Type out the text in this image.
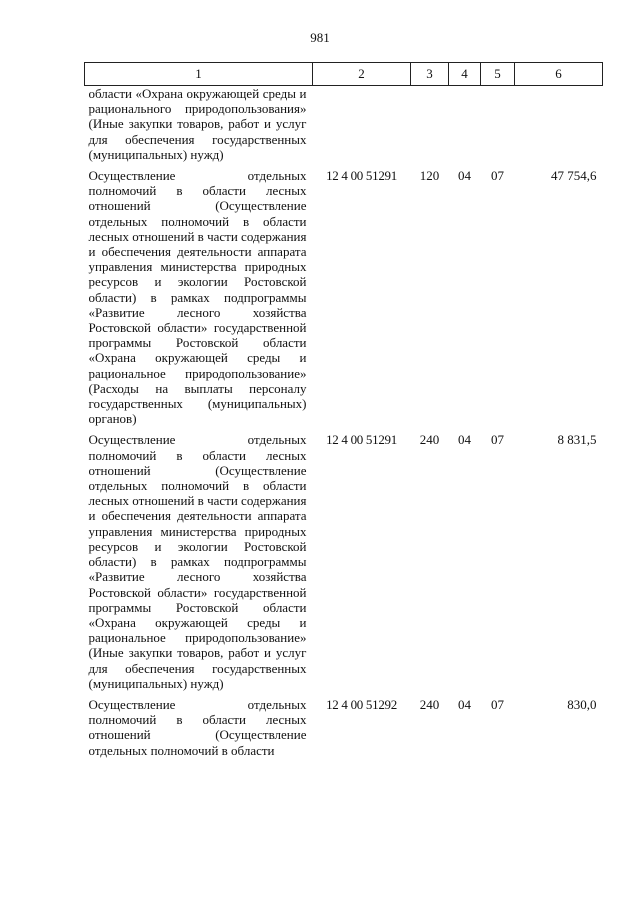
981
1	2	3	4	5	6
области «Охрана окружающей среды и рационального природопользования» (Иные закупки товаров, работ и услуг для обеспечения государственных (муниципальных) нужд)					
Осуществление отдельных полномочий в области лесных отношений (Осуществление отдельных полномочий в области лесных отношений в части содержания и обеспечения деятельности аппарата управления министерства природных ресурсов и экологии Ростовской области) в рамках подпрограммы «Развитие лесного хозяйства Ростовской области» государственной программы Ростовской области «Охрана окружающей среды и рациональное природопользование» (Расходы на выплаты персоналу государственных (муниципальных) органов)	12 4 00 51291	120	04	07	47 754,6
Осуществление отдельных полномочий в области лесных отношений (Осуществление отдельных полномочий в области лесных отношений в части содержания и обеспечения деятельности аппарата управления министерства природных ресурсов и экологии Ростовской области) в рамках подпрограммы «Развитие лесного хозяйства Ростовской области» государственной программы Ростовской области «Охрана окружающей среды и рациональное природопользование» (Иные закупки товаров, работ и услуг для обеспечения государственных (муниципальных) нужд)	12 4 00 51291	240	04	07	8 831,5
Осуществление отдельных полномочий в области лесных отношений (Осуществление отдельных полномочий в области	12 4 00 51292	240	04	07	830,0
